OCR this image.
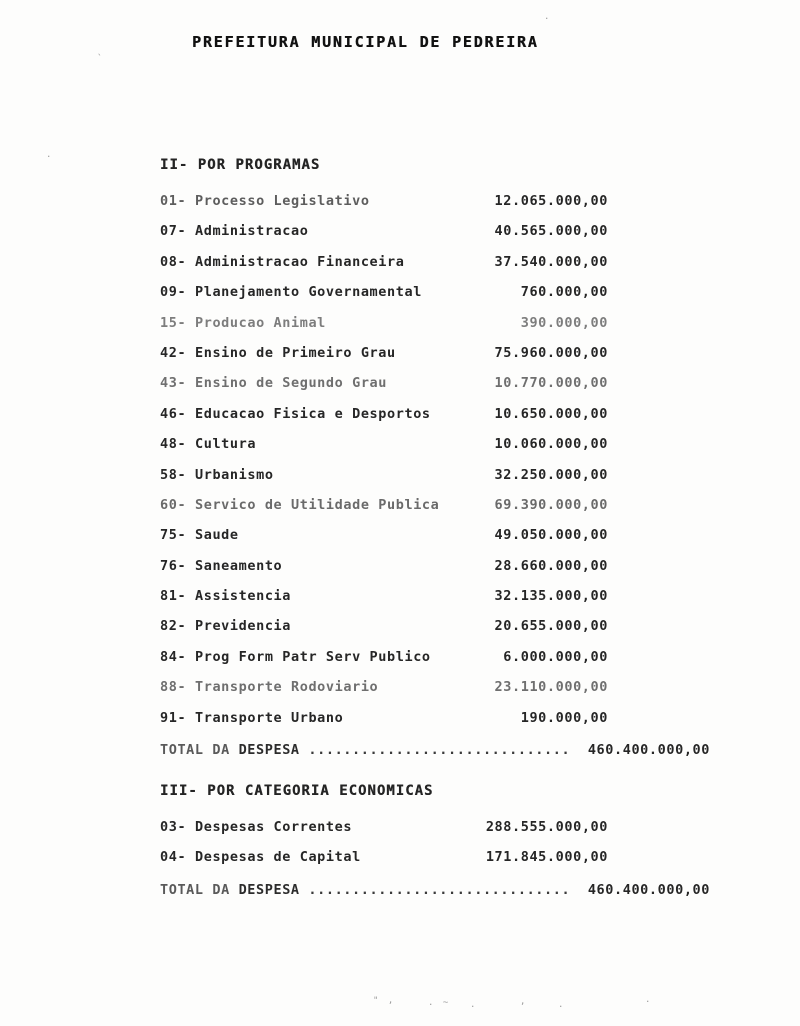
PREFEITURA MUNICIPAL DE PEDREIRA
II- POR PROGRAMAS
01- Processo Legislativo	12.065.000,00
07- Administracao	40.565.000,00
08- Administracao Financeira	37.540.000,00
09- Planejamento Governamental	760.000,00
15- Producao Animal	390.000,00
42- Ensino de Primeiro Grau	75.960.000,00
43- Ensino de Segundo Grau	10.770.000,00
46- Educacao Fisica e Desportos	10.650.000,00
48- Cultura	10.060.000,00
58- Urbanismo	32.250.000,00
60- Servico de Utilidade Publica	69.390.000,00
75- Saude	49.050.000,00
76- Saneamento	28.660.000,00
81- Assistencia	32.135.000,00
82- Previdencia	20.655.000,00
84- Prog Form Patr Serv Publico	6.000.000,00
88- Transporte Rodoviario	23.110.000,00
91- Transporte Urbano	190.000,00
TOTAL DA DESPESA .............................. 460.400.000,00
III- POR CATEGORIA ECONOMICAS
03- Despesas Correntes	288.555.000,00
04- Despesas de Capital	171.845.000,00
TOTAL DA DESPESA .............................. 460.400.000,00
.
`
.
" ,	. ~ .	,	.	.
